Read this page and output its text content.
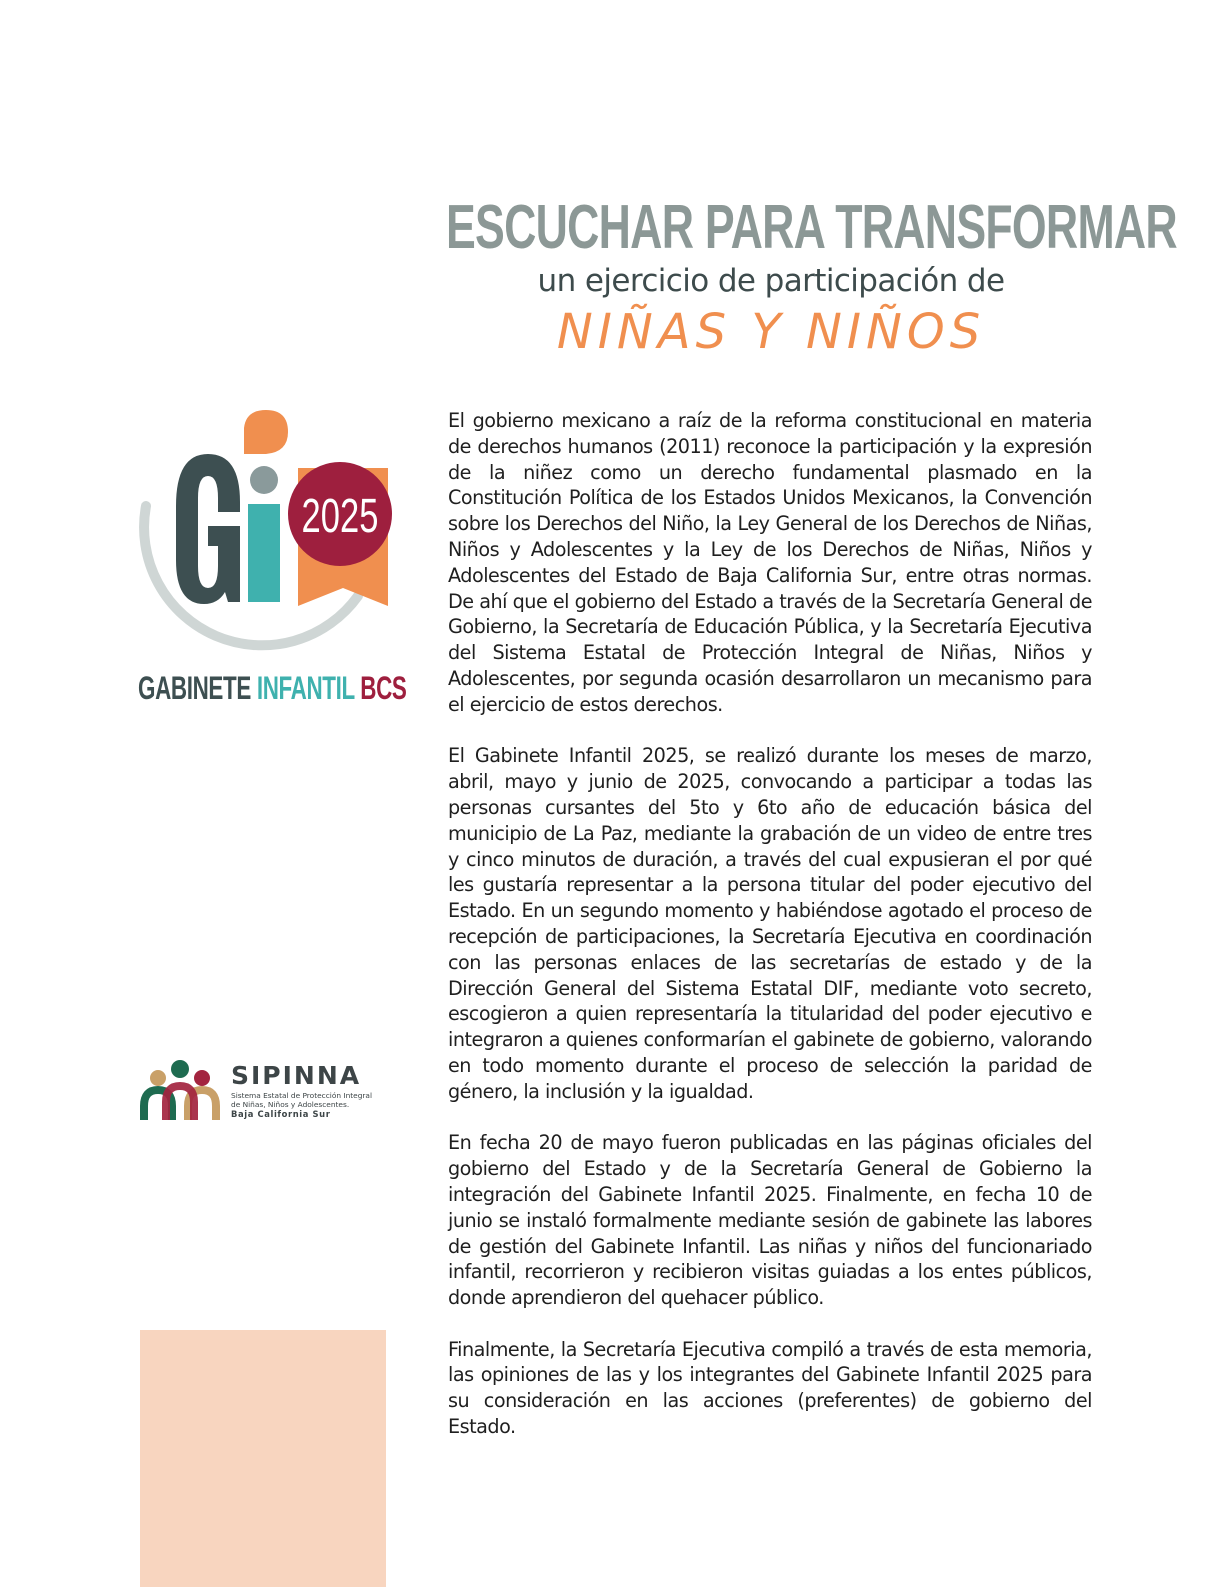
ESCUCHAR PARA TRANSFORMAR
un ejercicio de participación de
NIÑAS Y NIÑOS
2025
GABINETE INFANTIL BCS
SIPINNA
Sistema Estatal de Protección Integral
de Niñas, Niños y Adolescentes.
Baja California Sur

El gobierno mexicano a raíz de la reforma constitucional en materia de derechos humanos (2011) reconoce la participación y la expresión de la niñez como un derecho fundamental plasmado en la Constitución Política de los Estados Unidos Mexicanos, la Convención sobre los Derechos del Niño, la Ley General de los Derechos de Niñas, Niños y Adolescentes y la Ley de los Derechos de Niñas, Niños y Adolescentes del Estado de Baja California Sur, entre otras normas. De ahí que el gobierno del Estado a través de la Secretaría General de Gobierno, la Secretaría de Educación Pública, y la Secretaría Ejecutiva del Sistema Estatal de Protección Integral de Niñas, Niños y Adolescentes, por segunda ocasión desarrollaron un mecanismo para el ejercicio de estos derechos.

El Gabinete Infantil 2025, se realizó durante los meses de marzo, abril, mayo y junio de 2025, convocando a participar a todas las personas cursantes del 5to y 6to año de educación básica del municipio de La Paz, mediante la grabación de un video de entre tres y cinco minutos de duración, a través del cual expusieran el por qué les gustaría representar a la persona titular del poder ejecutivo del Estado. En un segundo momento y habiéndose agotado el proceso de recepción de participaciones, la Secretaría Ejecutiva en coordinación con las personas enlaces de las secretarías de estado y de la Dirección General del Sistema Estatal DIF, mediante voto secreto, escogieron a quien representaría la titularidad del poder ejecutivo e integraron a quienes conformarían el gabinete de gobierno, valorando en todo momento durante el proceso de selección la paridad de género, la inclusión y la igualdad.

En fecha 20 de mayo fueron publicadas en las páginas oficiales del gobierno del Estado y de la Secretaría General de Gobierno la integración del Gabinete Infantil 2025. Finalmente, en fecha 10 de junio se instaló formalmente mediante sesión de gabinete las labores de gestión del Gabinete Infantil. Las niñas y niños del funcionariado infantil, recorrieron y recibieron visitas guiadas a los entes públicos, donde aprendieron del quehacer público.

Finalmente, la Secretaría Ejecutiva compiló a través de esta memoria, las opiniones de las y los integrantes del Gabinete Infantil 2025 para su consideración en las acciones (preferentes) de gobierno del Estado.
